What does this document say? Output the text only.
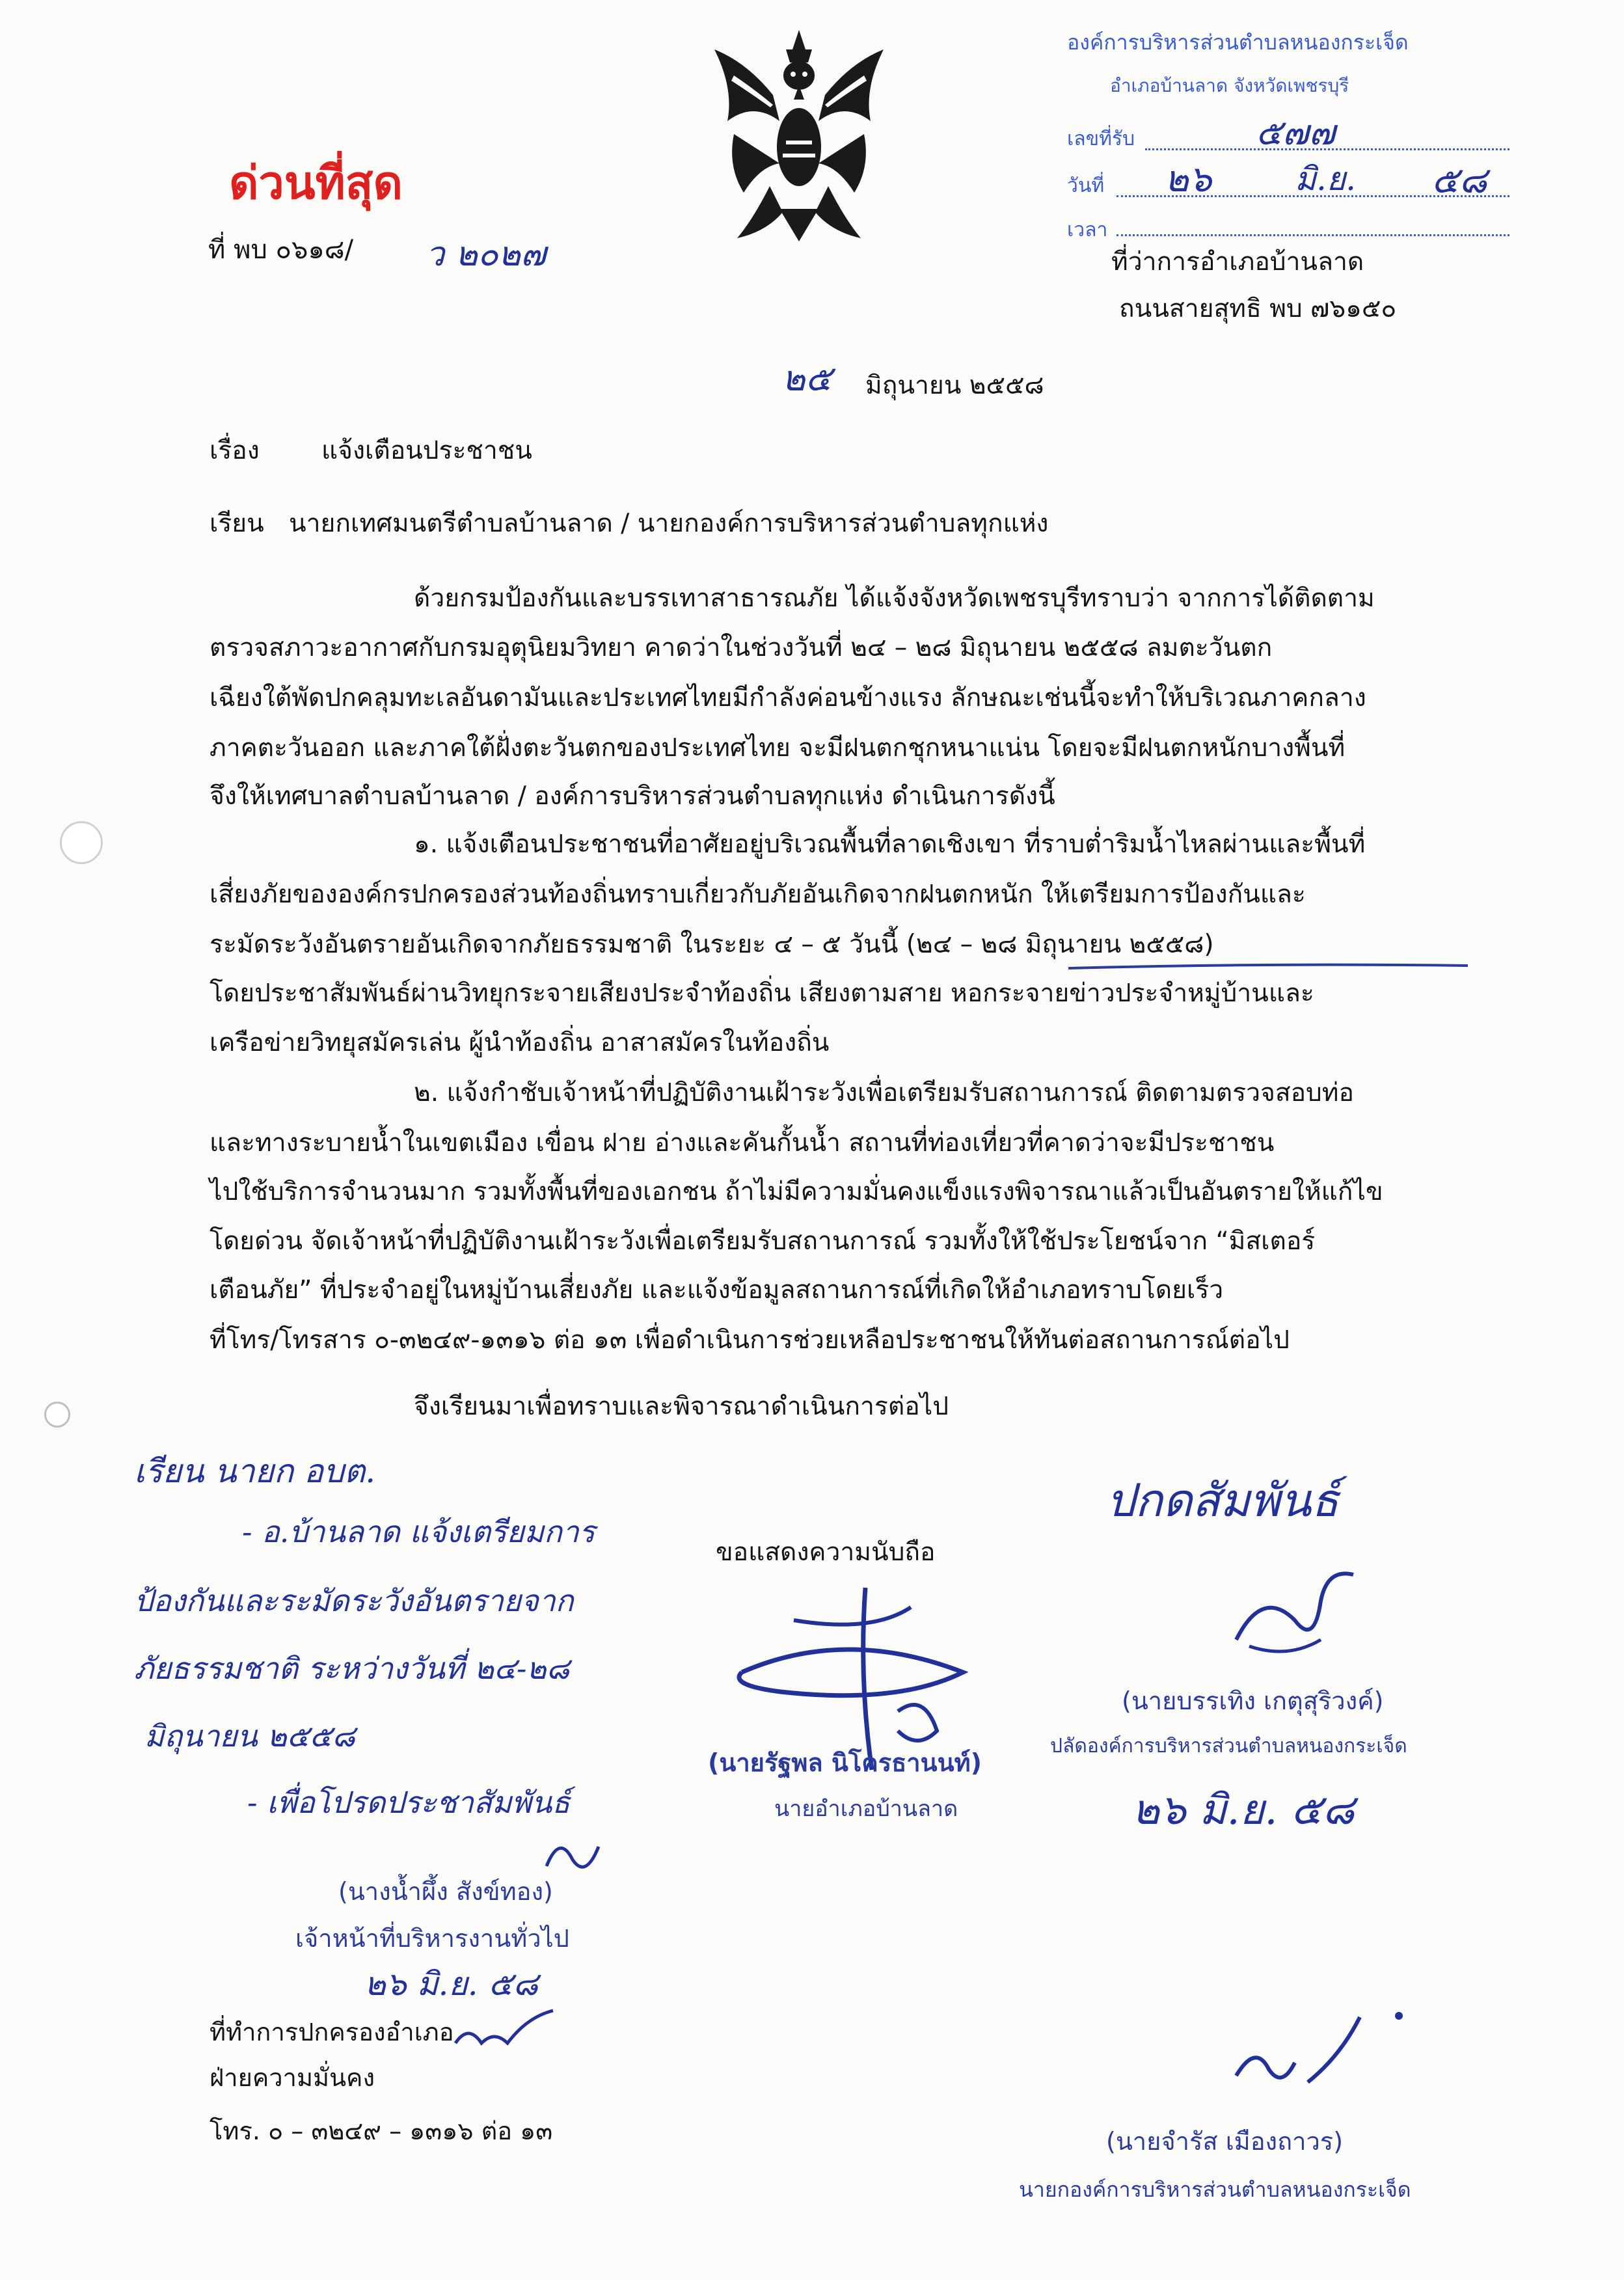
ด่วนที่สุด
ที่ พบ ๐๖๑๘/ ว ๒๐๒๗
องค์การบริหารส่วนตำบลหนองกระเจ็ด
อำเภอบ้านลาด จังหวัดเพชรบุรี
เลขที่รับ	๕๗๗
วันที่ ๒๖	มิ.ย. ๕๘
เวลา
ที่ว่าการอำเภอบ้านลาด
ถนนสายสุทธิ พบ ๗๖๑๕๐
๒๕ มิถุนายน ๒๕๕๘
เรื่อง แจ้งเตือนประชาชน
เรียน นายกเทศมนตรีตำบลบ้านลาด / นายกองค์การบริหารส่วนตำบลทุกแห่ง
ด้วยกรมป้องกันและบรรเทาสาธารณภัย ได้แจ้งจังหวัดเพชรบุรีทราบว่า จากการได้ติดตาม
ตรวจสภาวะอากาศกับกรมอุตุนิยมวิทยา คาดว่าในช่วงวันที่ ๒๔ – ๒๘ มิถุนายน ๒๕๕๘ ลมตะวันตก
เฉียงใต้พัดปกคลุมทะเลอันดามันและประเทศไทยมีกำลังค่อนข้างแรง ลักษณะเช่นนี้จะทำให้บริเวณภาคกลาง
ภาคตะวันออก และภาคใต้ฝั่งตะวันตกของประเทศไทย จะมีฝนตกชุกหนาแน่น โดยจะมีฝนตกหนักบางพื้นที่
จึงให้เทศบาลตำบลบ้านลาด / องค์การบริหารส่วนตำบลทุกแห่ง ดำเนินการดังนี้
๑. แจ้งเตือนประชาชนที่อาศัยอยู่บริเวณพื้นที่ลาดเชิงเขา ที่ราบต่ำริมน้ำไหลผ่านและพื้นที่
เสี่ยงภัยขององค์กรปกครองส่วนท้องถิ่นทราบเกี่ยวกับภัยอันเกิดจากฝนตกหนัก ให้เตรียมการป้องกันและ
ระมัดระวังอันตรายอันเกิดจากภัยธรรมชาติ ในระยะ ๔ – ๕ วันนี้ (๒๔ – ๒๘ มิถุนายน ๒๕๕๘)
โดยประชาสัมพันธ์ผ่านวิทยุกระจายเสียงประจำท้องถิ่น เสียงตามสาย หอกระจายข่าวประจำหมู่บ้านและ
เครือข่ายวิทยุสมัครเล่น ผู้นำท้องถิ่น อาสาสมัครในท้องถิ่น
๒. แจ้งกำชับเจ้าหน้าที่ปฏิบัติงานเฝ้าระวังเพื่อเตรียมรับสถานการณ์ ติดตามตรวจสอบท่อ
และทางระบายน้ำในเขตเมือง เขื่อน ฝาย อ่างและคันกั้นน้ำ สถานที่ท่องเที่ยวที่คาดว่าจะมีประชาชน
ไปใช้บริการจำนวนมาก รวมทั้งพื้นที่ของเอกชน ถ้าไม่มีความมั่นคงแข็งแรงพิจารณาแล้วเป็นอันตรายให้แก้ไข
โดยด่วน จัดเจ้าหน้าที่ปฏิบัติงานเฝ้าระวังเพื่อเตรียมรับสถานการณ์ รวมทั้งให้ใช้ประโยชน์จาก “มิสเตอร์
เตือนภัย” ที่ประจำอยู่ในหมู่บ้านเสี่ยงภัย และแจ้งข้อมูลสถานการณ์ที่เกิดให้อำเภอทราบโดยเร็ว
ที่โทร/โทรสาร ๐-๓๒๔๙-๑๓๑๖ ต่อ ๑๓ เพื่อดำเนินการช่วยเหลือประชาชนให้ทันต่อสถานการณ์ต่อไป
จึงเรียนมาเพื่อทราบและพิจารณาดำเนินการต่อไป
เรียน นายก อบต.
- อ.บ้านลาด แจ้งเตรียมการ
ป้องกันและระมัดระวังอันตรายจาก
ภัยธรรมชาติ ระหว่างวันที่ ๒๔-๒๘
มิถุนายน ๒๕๕๘
- เพื่อโปรดประชาสัมพันธ์
ขอแสดงความนับถือ
(นายรัฐพล นิโครธานนท์)
นายอำเภอบ้านลาด
ปกดสัมพันธ์
(นายบรรเทิง เกตุสุริวงค์)
ปลัดองค์การบริหารส่วนตำบลหนองกระเจ็ด
๒๖ มิ.ย. ๕๘
(นางน้ำผึ้ง สังข์ทอง)
เจ้าหน้าที่บริหารงานทั่วไป
๒๖ มิ.ย. ๕๘
ที่ทำการปกครองอำเภอ
ฝ่ายความมั่นคง
โทร. ๐ – ๓๒๔๙ – ๑๓๑๖ ต่อ ๑๓	(นายจำรัส เมืองถาวร)
นายกองค์การบริหารส่วนตำบลหนองกระเจ็ด
